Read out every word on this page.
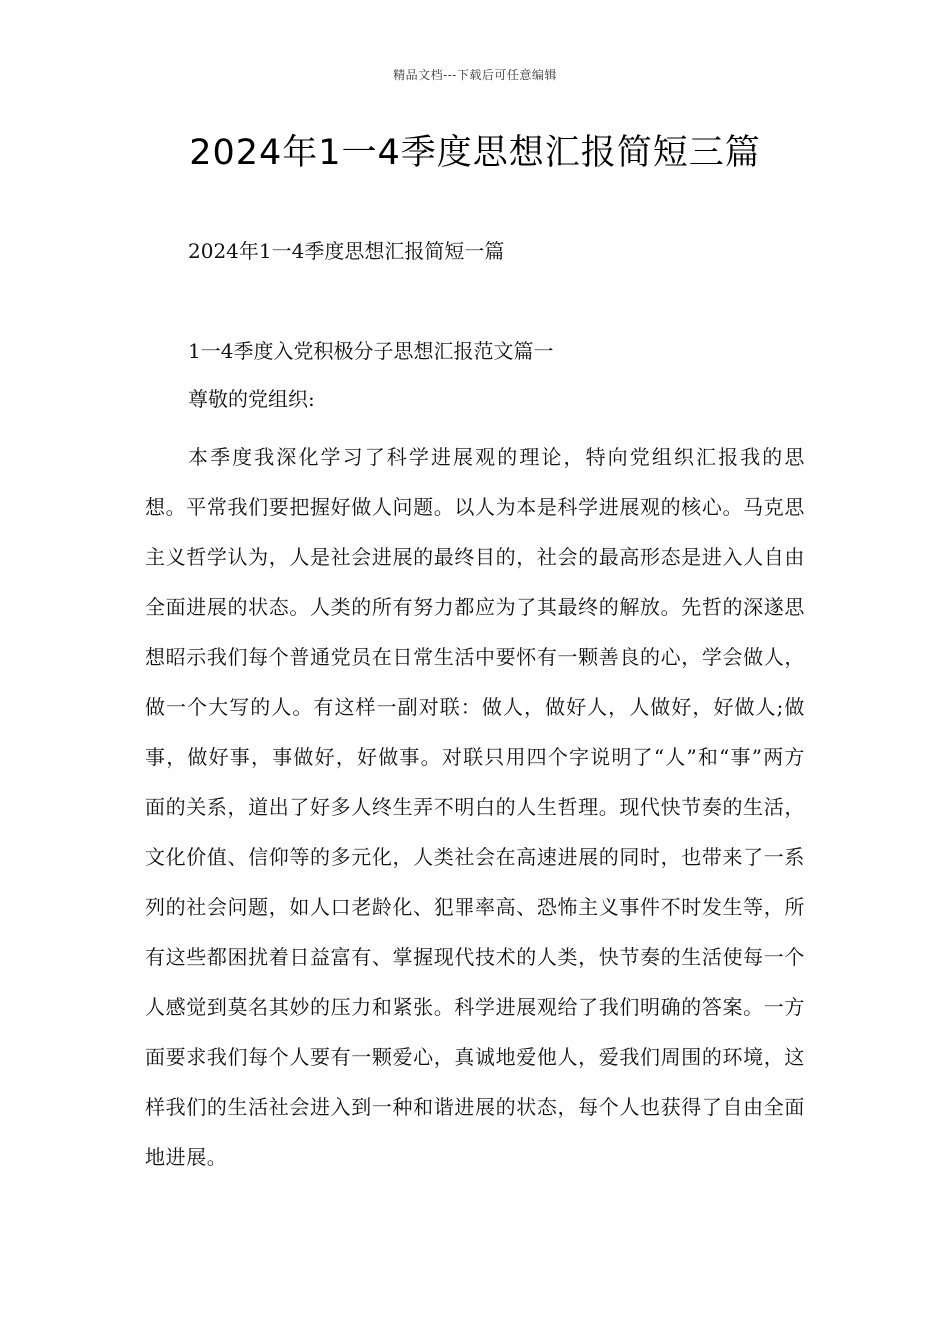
精品文档---下载后可任意编辑
2024年1一4季度思想汇报简短三篇
2024年1一4季度思想汇报简短一篇
1一4季度入党积极分子思想汇报范文篇一
尊敬的党组织:
本季度我深化学习了科学进展观的理论，特向党组织汇报我的思想。平常我们要把握好做人问题。以人为本是科学进展观的核心。马克思主义哲学认为，人是社会进展的最终目的，社会的最高形态是进入人自由全面进展的状态。人类的所有努力都应为了其最终的解放。先哲的深遂思想昭示我们每个普通党员在日常生活中要怀有一颗善良的心，学会做人，做一个大写的人。有这样一副对联：做人，做好人，人做好，好做人;做事，做好事，事做好，好做事。对联只用四个字说明了“人”和“事”两方面的关系，道出了好多人终生弄不明白的人生哲理。现代快节奏的生活，文化价值、信仰等的多元化，人类社会在高速进展的同时，也带来了一系列的社会问题，如人口老龄化、犯罪率高、恐怖主义事件不时发生等，所有这些都困扰着日益富有、掌握现代技术的人类，快节奏的生活使每一个人感觉到莫名其妙的压力和紧张。科学进展观给了我们明确的答案。一方面要求我们每个人要有一颗爱心，真诚地爱他人，爱我们周围的环境，这样我们的生活社会进入到一种和谐进展的状态，每个人也获得了自由全面地进展。
